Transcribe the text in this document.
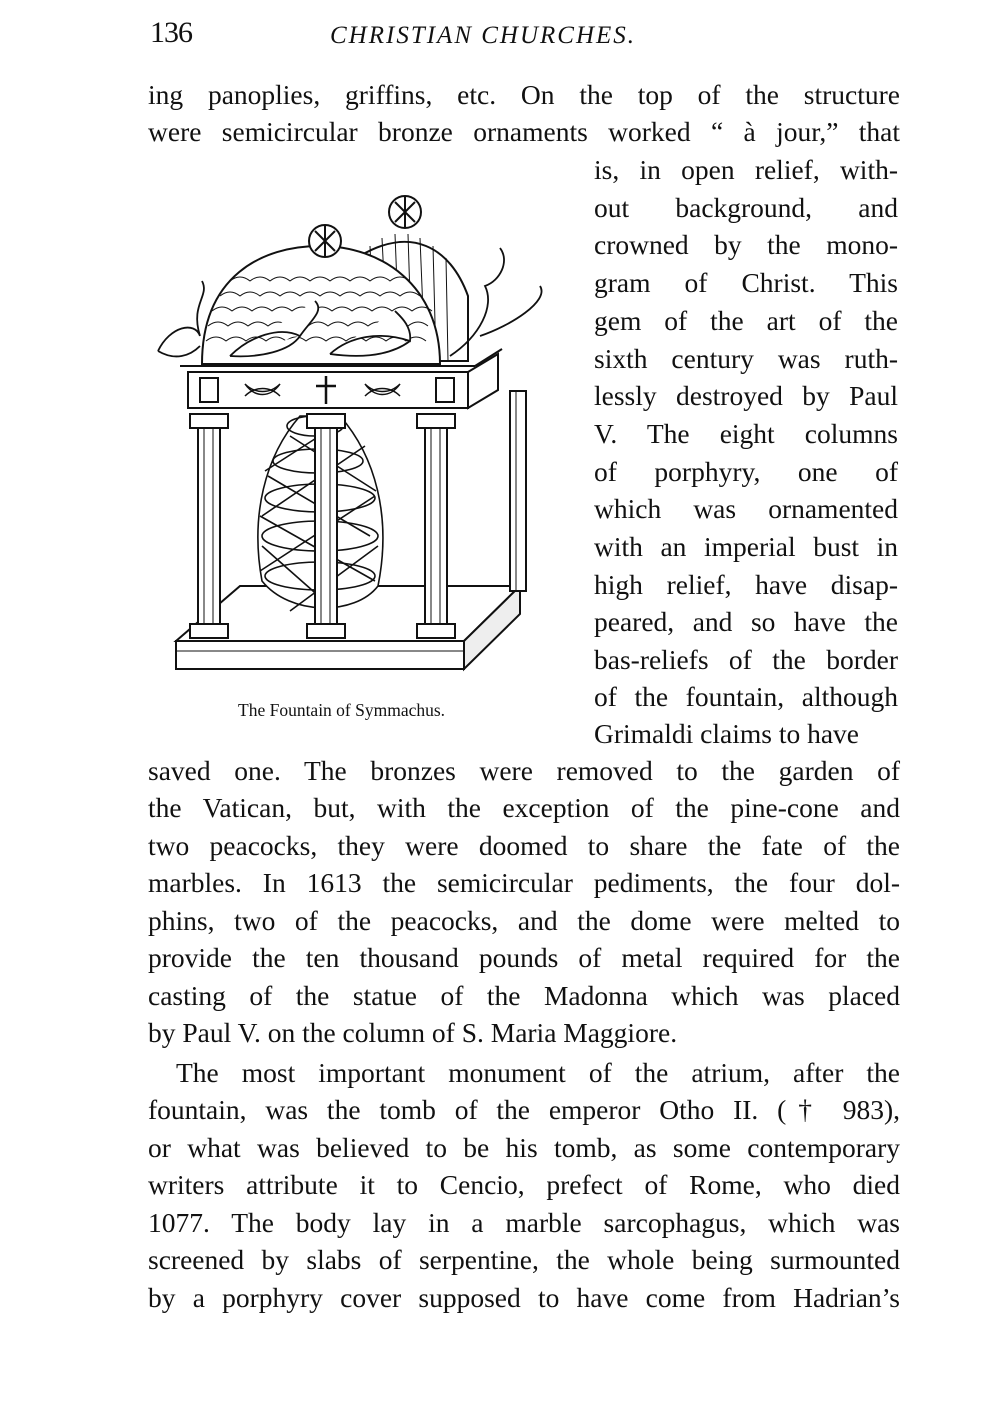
136	CHRISTIAN CHURCHES.
ing panoplies, griffins, etc. On the top of the structure
were semicircular bronze ornaments worked “ à jour,” that
is, in open relief, with-
out background, and
crowned by the mono-
gram of Christ. This
gem of the art of the
sixth century was ruth-
lessly destroyed by Paul
V. The eight columns
of porphyry, one of
which was ornamented
with an imperial bust in
high relief, have disap-
peared, and so have the
bas-reliefs of the border
of the fountain, although
Grimaldi claims to have
The Fountain of Symmachus.
saved one. The bronzes were removed to the garden of
the Vatican, but, with the exception of the pine-cone and
two peacocks, they were doomed to share the fate of the
marbles. In 1613 the semicircular pediments, the four dol-
phins, two of the peacocks, and the dome were melted to
provide the ten thousand pounds of metal required for the
casting of the statue of the Madonna which was placed
by Paul V. on the column of S. Maria Maggiore.
The most important monument of the atrium, after the
fountain, was the tomb of the emperor Otho II. († 983),
or what was believed to be his tomb, as some contemporary
writers attribute it to Cencio, prefect of Rome, who died
1077. The body lay in a marble sarcophagus, which was
screened by slabs of serpentine, the whole being surmounted
by a porphyry cover supposed to have come from Hadrian’s
